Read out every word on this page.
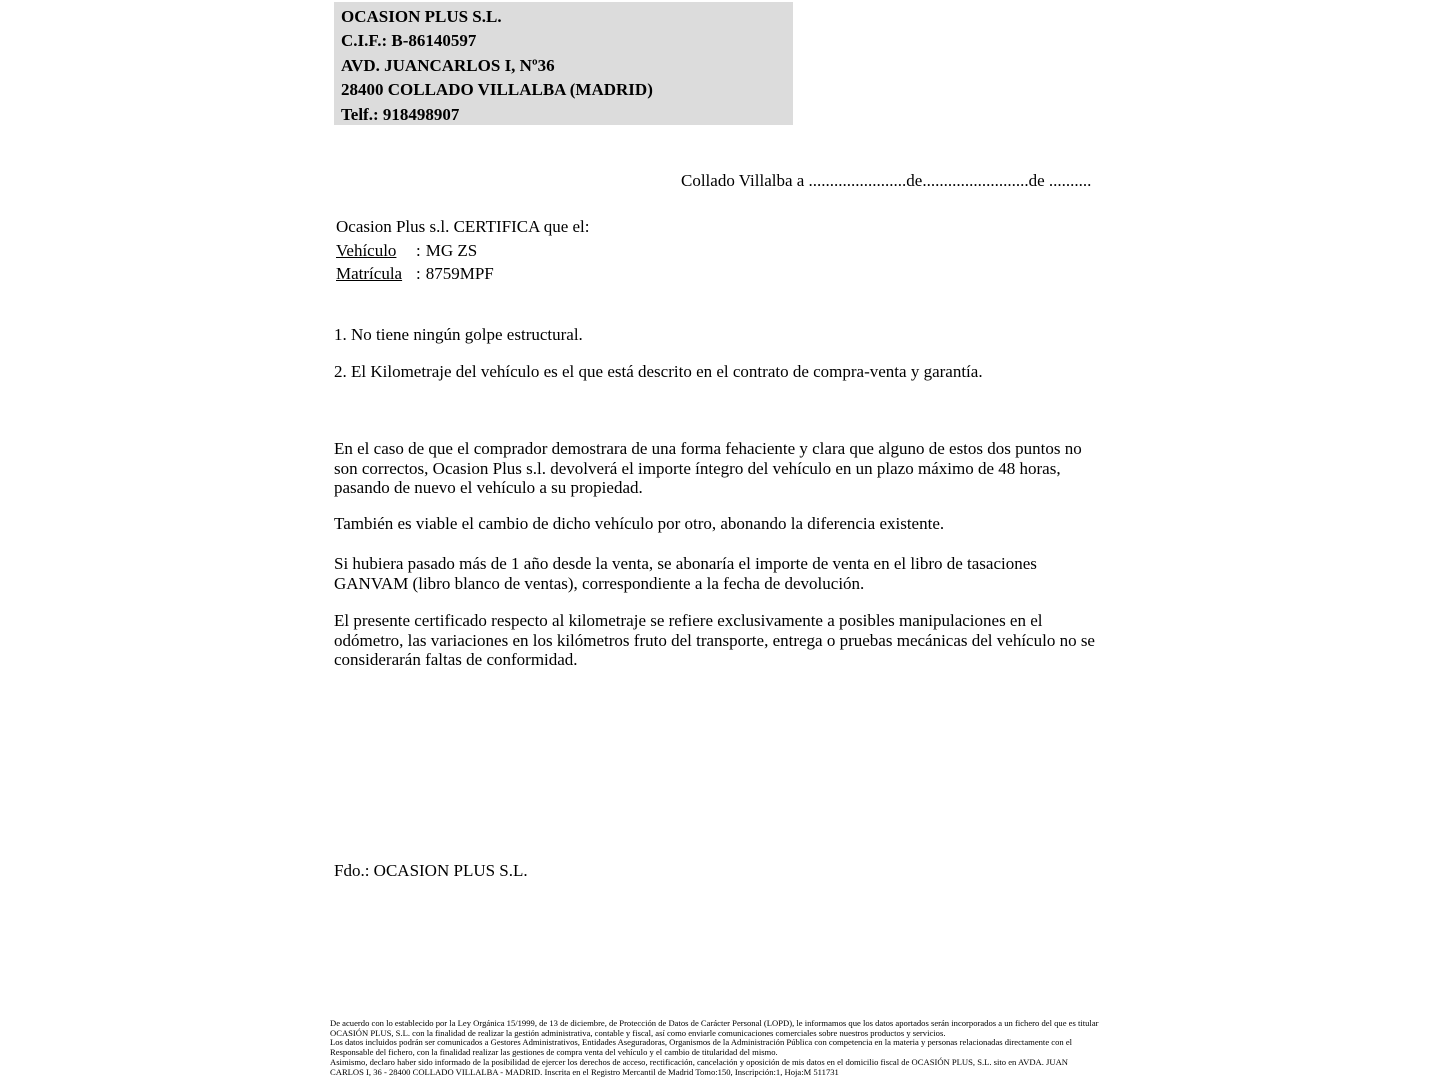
OCASION PLUS S.L.
C.I.F.: B-86140597
AVD. JUANCARLOS I, Nº36
28400 COLLADO VILLALBA (MADRID)
Telf.: 918498907
Collado Villalba a .......................de.........................de ..........
Ocasion Plus s.l. CERTIFICA que el:
Vehículo : MG ZS
Matrícula : 8759MPF
1. No tiene ningún golpe estructural.
2. El Kilometraje del vehículo es el que está descrito en el contrato de compra-venta y garantía.
En el caso de que el comprador demostrara de una forma fehaciente y clara que alguno de estos dos puntos no son correctos, Ocasion Plus s.l. devolverá el importe íntegro del vehículo en un plazo máximo de 48 horas, pasando de nuevo el vehículo a su propiedad.
También es viable el cambio de dicho vehículo por otro, abonando la diferencia existente.
Si hubiera pasado más de 1 año desde la venta, se abonaría el importe de venta en el libro de tasaciones GANVAM (libro blanco de ventas), correspondiente a la fecha de devolución.
El presente certificado respecto al kilometraje se refiere exclusivamente a posibles manipulaciones en el odómetro, las variaciones en los kilómetros fruto del transporte, entrega o pruebas mecánicas del vehículo no se considerarán faltas de conformidad.
Fdo.: OCASION PLUS S.L.
De acuerdo con lo establecido por la Ley Orgánica 15/1999, de 13 de diciembre, de Protección de Datos de Carácter Personal (LOPD), le informamos que los datos aportados serán incorporados a un fichero del que es titular
OCASIÓN PLUS, S.L. con la finalidad de realizar la gestión administrativa, contable y fiscal, así como enviarle comunicaciones comerciales sobre nuestros productos y servicios.
Los datos incluidos podrán ser comunicados a Gestores Administrativos, Entidades Aseguradoras, Organismos de la Administración Pública con competencia en la materia y personas relacionadas directamente con el
Responsable del fichero, con la finalidad realizar las gestiones de compra venta del vehículo y el cambio de titularidad del mismo.
Asimismo, declaro haber sido informado de la posibilidad de ejercer los derechos de acceso, rectificación, cancelación y oposición de mis datos en el domicilio fiscal de OCASIÓN PLUS, S.L. sito en AVDA. JUAN
CARLOS I, 36 - 28400 COLLADO VILLALBA - MADRID. Inscrita en el Registro Mercantil de Madrid Tomo:150, Inscripción:1, Hoja:M 511731
